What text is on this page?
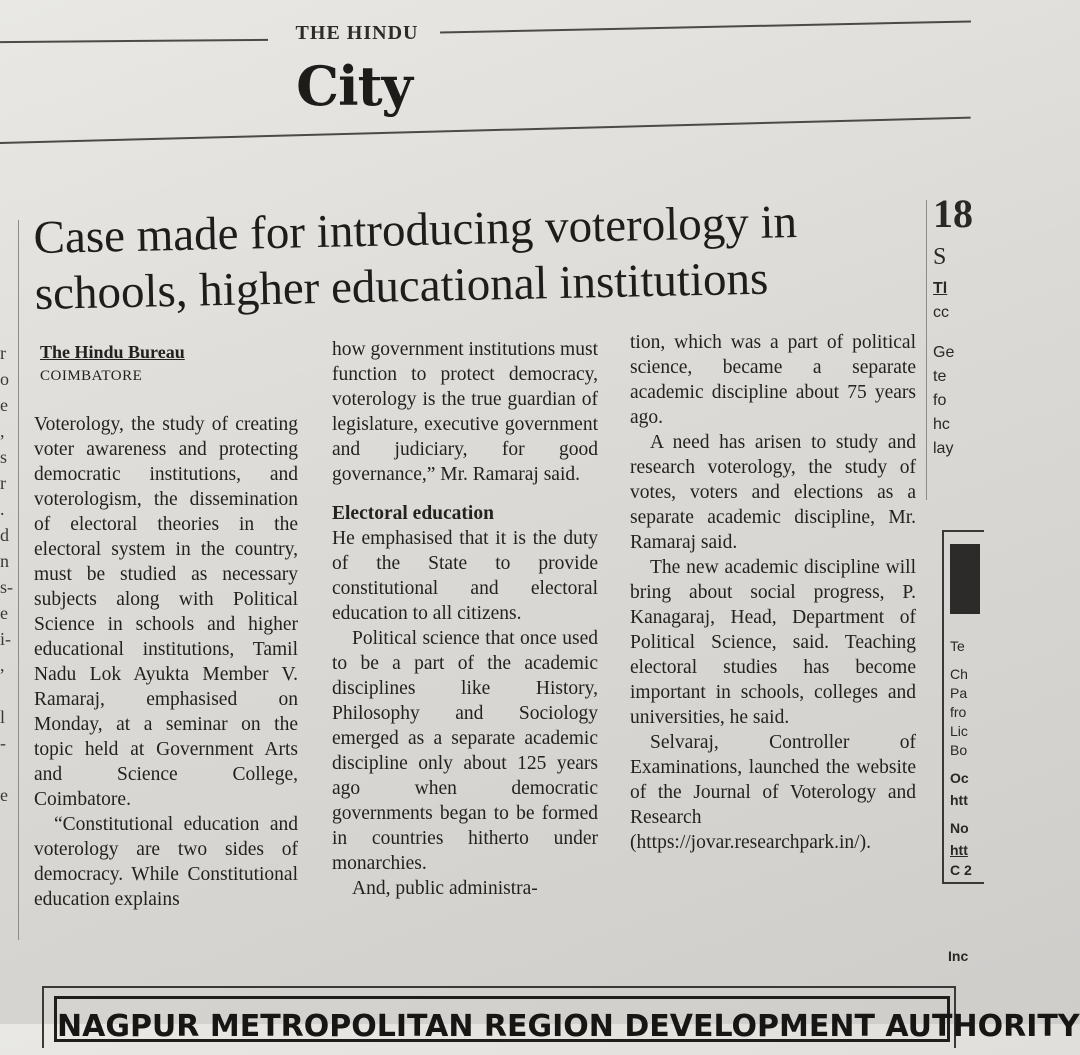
THE HINDU
City
r
o
e
,
s
r
.
d
n
s-
e
i-
,

l
-

e
Case made for introducing voterology in schools, higher educational institutions
The Hindu Bureau
COIMBATORE

Voterology, the study of creating voter awareness and protecting democratic institutions, and voterologism, the dissemination of electoral theories in the electoral system in the country, must be studied as necessary subjects along with Political Science in schools and higher educational institutions, Tamil Nadu Lok Ayukta Member V. Ramaraj, emphasised on Monday, at a seminar on the topic held at Government Arts and Science College, Coimbatore.

“Constitutional education and voterology are two sides of democracy. While Constitutional education explains

how government institutions must function to protect democracy, voterology is the true guardian of legislature, executive government and judiciary, for good governance,” Mr. Ramaraj said.

Electoral education

He emphasised that it is the duty of the State to provide constitutional and electoral education to all citizens.

Political science that once used to be a part of the academic disciplines like History, Philosophy and Sociology emerged as a separate academic discipline only about 125 years ago when democratic governments began to be formed in countries hitherto under monarchies.

And, public administra-

tion, which was a part of political science, became a separate academic discipline about 75 years ago.

A need has arisen to study and research voterology, the study of votes, voters and elections as a separate academic discipline, Mr. Ramaraj said.

The new academic discipline will bring about social progress, P. Kanagaraj, Head, Department of Political Science, said. Teaching electoral studies has become important in schools, colleges and universities, he said.

Selvaraj, Controller of Examinations, launched the website of the Journal of Voterology and Research (https://jovar.researchpark.in/).

18
S
Tl
cc
Ge
te
fo
hc
lay
Te
Ch
Pa
fro
Lic
Bo
Oc
htt
No
htt
C 2
Inc
NAGPUR METROPOLITAN REGION DEVELOPMENT AUTHORITY
